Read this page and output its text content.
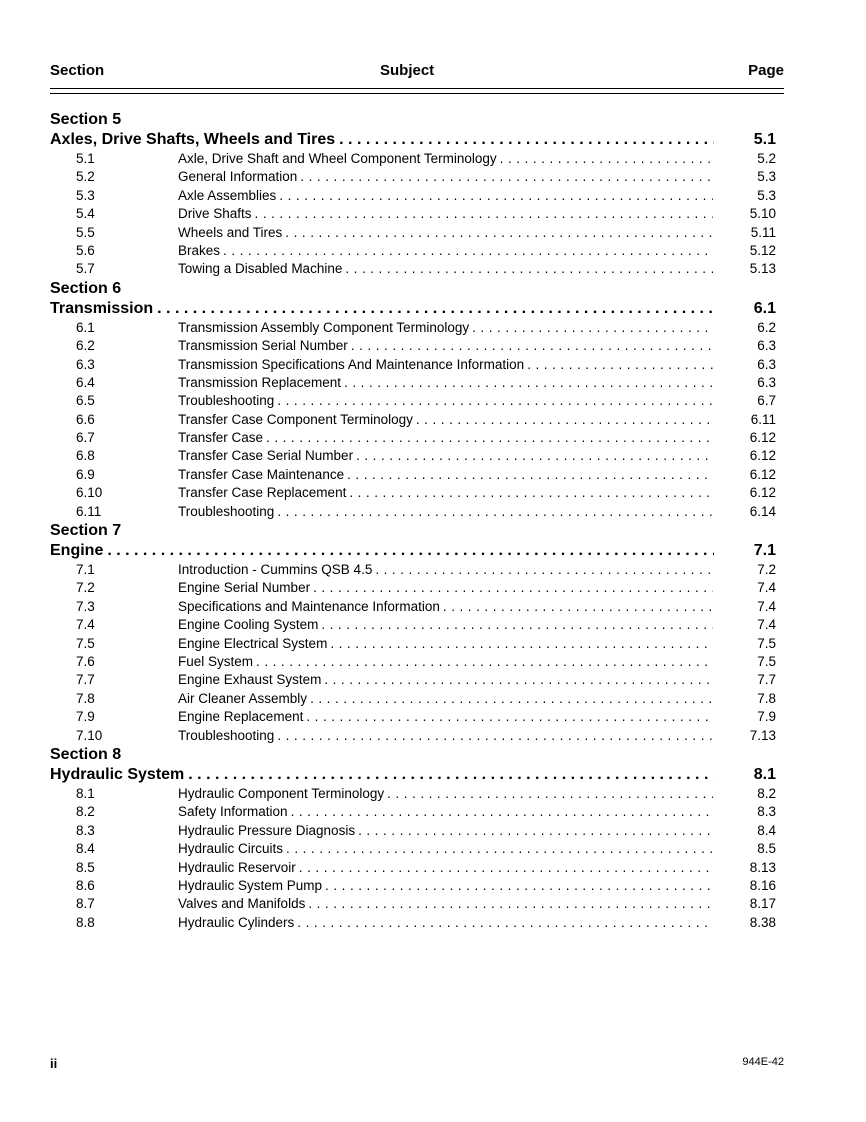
Section	Subject	Page
Section 5
Axles, Drive Shafts, Wheels and Tires . . .	5.1
5.1	Axle, Drive Shaft and Wheel Component Terminology . . .	5.2
5.2	General Information . . .	5.3
5.3	Axle Assemblies . . .	5.3
5.4	Drive Shafts . . .	5.10
5.5	Wheels and Tires . . .	5.11
5.6	Brakes . . .	5.12
5.7	Towing a Disabled Machine . . .	5.13
Section 6
Transmission . . .	6.1
6.1	Transmission Assembly Component Terminology . . .	6.2
6.2	Transmission Serial Number . . .	6.3
6.3	Transmission Specifications And Maintenance Information . . .	6.3
6.4	Transmission Replacement . . .	6.3
6.5	Troubleshooting . . .	6.7
6.6	Transfer Case Component Terminology . . .	6.11
6.7	Transfer Case . . .	6.12
6.8	Transfer Case Serial Number . . .	6.12
6.9	Transfer Case Maintenance . . .	6.12
6.10	Transfer Case Replacement . . .	6.12
6.11	Troubleshooting . . .	6.14
Section 7
Engine . . .	7.1
7.1	Introduction - Cummins QSB 4.5 . . .	7.2
7.2	Engine Serial Number . . .	7.4
7.3	Specifications and Maintenance Information . . .	7.4
7.4	Engine Cooling System . . .	7.4
7.5	Engine Electrical System . . .	7.5
7.6	Fuel System . . .	7.5
7.7	Engine Exhaust System . . .	7.7
7.8	Air Cleaner Assembly . . .	7.8
7.9	Engine Replacement . . .	7.9
7.10	Troubleshooting . . .	7.13
Section 8
Hydraulic System . . .	8.1
8.1	Hydraulic Component Terminology . . .	8.2
8.2	Safety Information . . .	8.3
8.3	Hydraulic Pressure Diagnosis . . .	8.4
8.4	Hydraulic Circuits . . .	8.5
8.5	Hydraulic Reservoir . . .	8.13
8.6	Hydraulic System Pump . . .	8.16
8.7	Valves and Manifolds . . .	8.17
8.8	Hydraulic Cylinders . . .	8.38
ii	944E-42
